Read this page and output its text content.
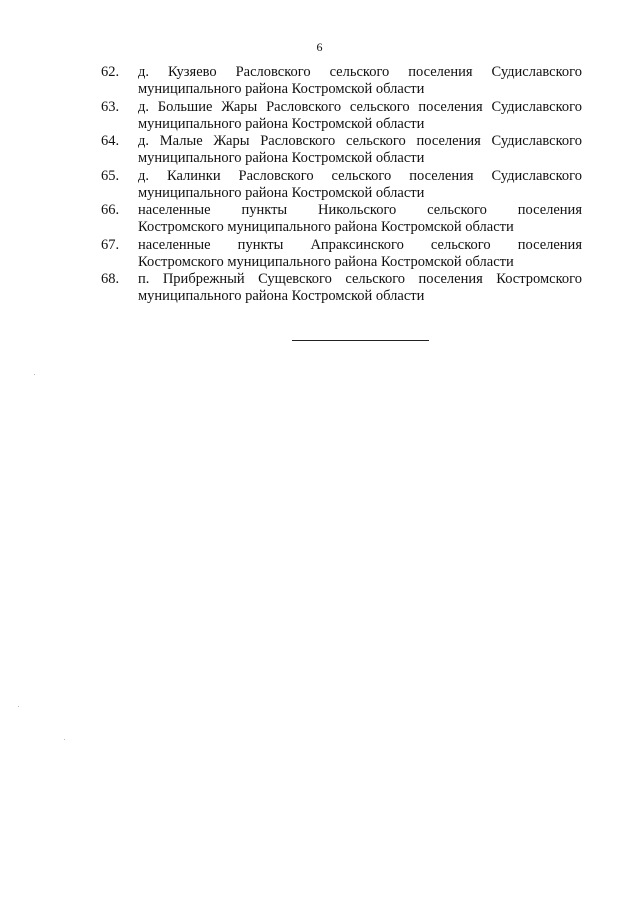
6
62.	д. Кузяево Расловского сельского поселения Судиславского
муниципального района Костромской области
63.	д. Большие Жары Расловского сельского поселения Судиславского
муниципального района Костромской области
64.	д. Малые Жары Расловского сельского поселения Судиславского
муниципального района Костромской области
65.	д. Калинки Расловского сельского поселения Судиславского
муниципального района Костромской области
66.	населенные пункты Никольского сельского поселения
Костромского муниципального района Костромской области
67.	населенные пункты Апраксинского сельского поселения
Костромского муниципального района Костромской области
68.	п. Прибрежный Сущевского сельского поселения Костромского
муниципального района Костромской области
